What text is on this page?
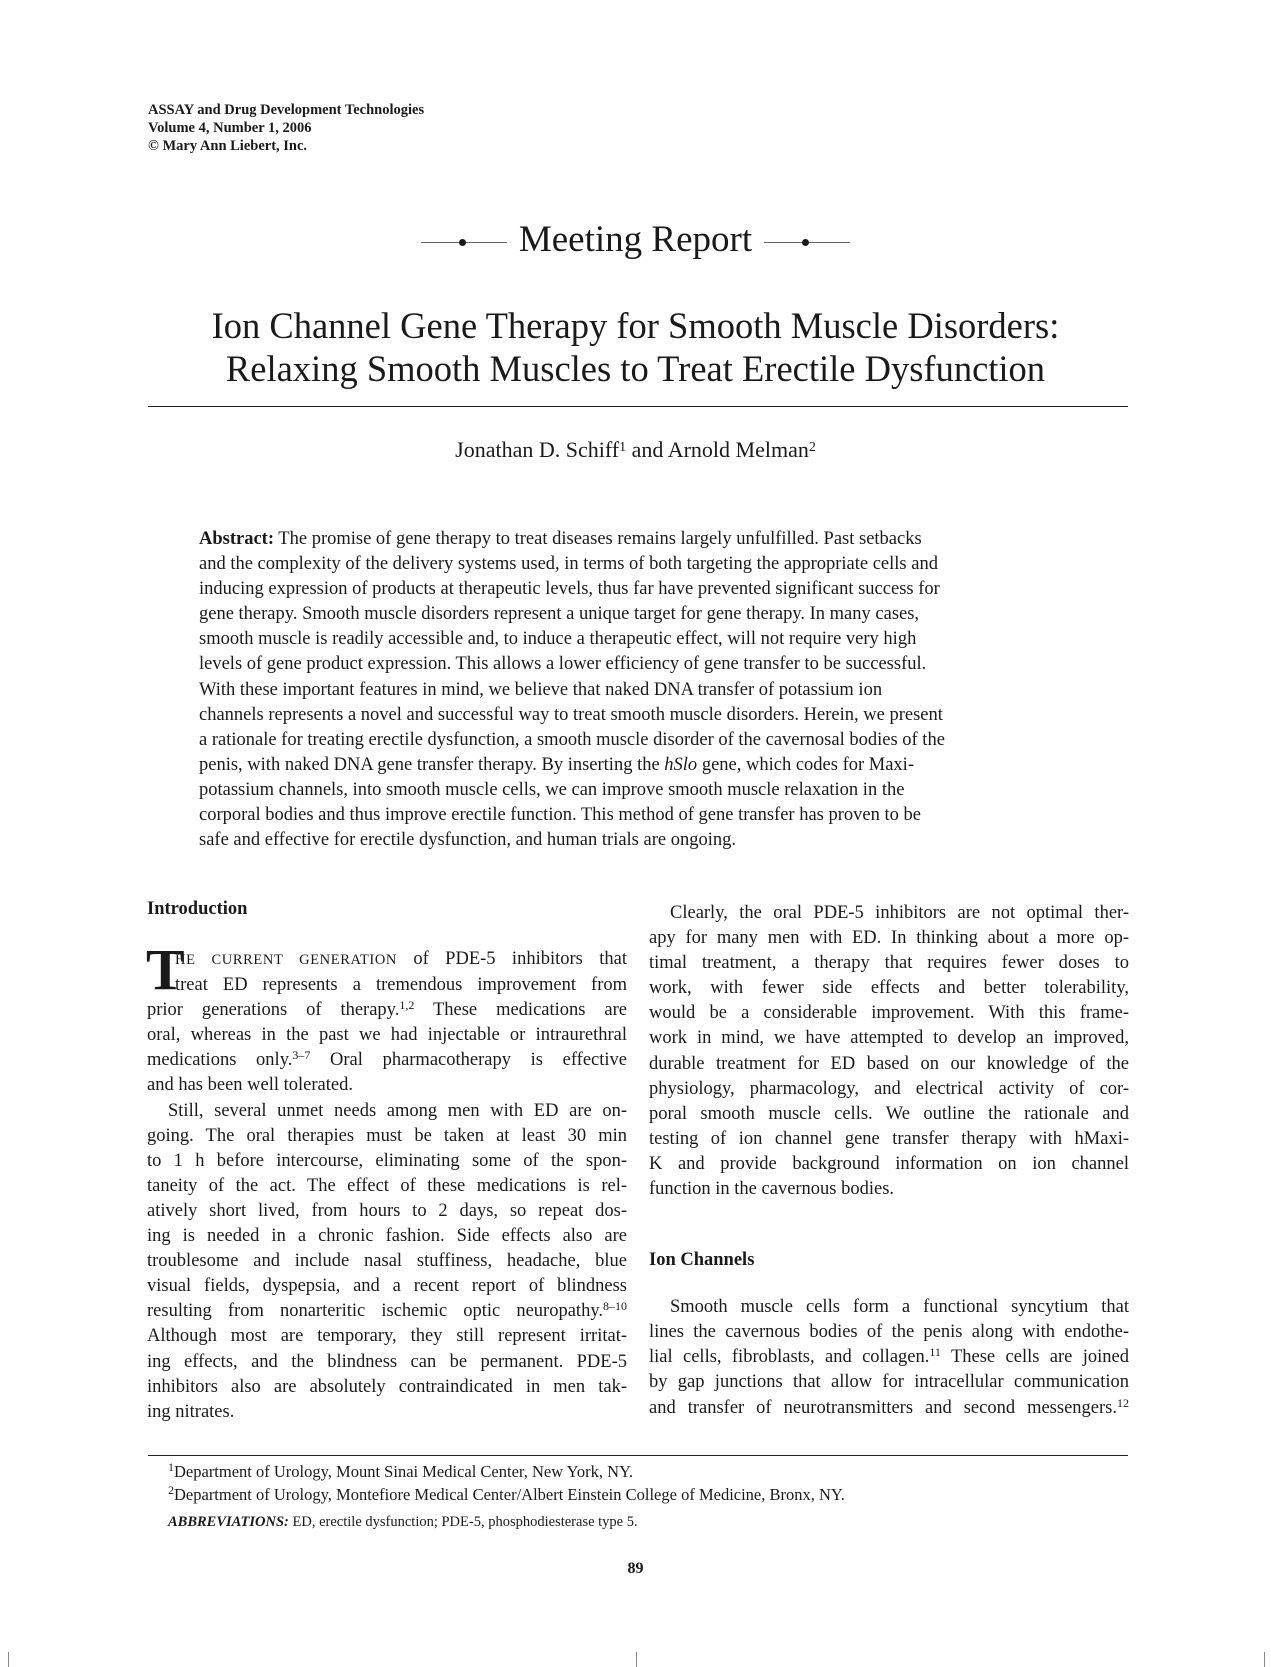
ASSAY and Drug Development Technologies
Volume 4, Number 1, 2006
© Mary Ann Liebert, Inc.
Meeting Report
Ion Channel Gene Therapy for Smooth Muscle Disorders:
Relaxing Smooth Muscles to Treat Erectile Dysfunction
Jonathan D. Schiff$^1$ and Arnold Melman$^2$
Abstract: The promise of gene therapy to treat diseases remains largely unfulfilled. Past setbacks
and the complexity of the delivery systems used, in terms of both targeting the appropriate cells and
inducing expression of products at therapeutic levels, thus far have prevented significant success for
gene therapy. Smooth muscle disorders represent a unique target for gene therapy. In many cases,
smooth muscle is readily accessible and, to induce a therapeutic effect, will not require very high
levels of gene product expression. This allows a lower efficiency of gene transfer to be successful.
With these important features in mind, we believe that naked DNA transfer of potassium ion
channels represents a novel and successful way to treat smooth muscle disorders. Herein, we present
a rationale for treating erectile dysfunction, a smooth muscle disorder of the cavernosal bodies of the
penis, with naked DNA gene transfer therapy. By inserting the hSlo gene, which codes for Maxi-
potassium channels, into smooth muscle cells, we can improve smooth muscle relaxation in the
corporal bodies and thus improve erectile function. This method of gene transfer has proven to be
safe and effective for erectile dysfunction, and human trials are ongoing.
Introduction
T
HE CURRENT GENERATION of PDE-5 inhibitors that
treat ED represents a tremendous improvement from
prior generations of therapy.$^{1,2}$ These medications are
oral, whereas in the past we had injectable or intraurethral
medications only.$^{3-7}$ Oral pharmacotherapy is effective
and has been well tolerated.
Still, several unmet needs among men with ED are on-
going. The oral therapies must be taken at least 30 min
to 1 h before intercourse, eliminating some of the spon-
taneity of the act. The effect of these medications is rel-
atively short lived, from hours to 2 days, so repeat dos-
ing is needed in a chronic fashion. Side effects also are
troublesome and include nasal stuffiness, headache, blue
visual fields, dyspepsia, and a recent report of blindness
resulting from nonarteritic ischemic optic neuropathy.$^{8-10}$
Although most are temporary, they still represent irritat-
ing effects, and the blindness can be permanent. PDE-5
inhibitors also are absolutely contraindicated in men tak-
ing nitrates.
Clearly, the oral PDE-5 inhibitors are not optimal ther-
apy for many men with ED. In thinking about a more op-
timal treatment, a therapy that requires fewer doses to
work, with fewer side effects and better tolerability,
would be a considerable improvement. With this frame-
work in mind, we have attempted to develop an improved,
durable treatment for ED based on our knowledge of the
physiology, pharmacology, and electrical activity of cor-
poral smooth muscle cells. We outline the rationale and
testing of ion channel gene transfer therapy with hMaxi-
K and provide background information on ion channel
function in the cavernous bodies.
Ion Channels
Smooth muscle cells form a functional syncytium that
lines the cavernous bodies of the penis along with endothe-
lial cells, fibroblasts, and collagen.$^{11}$ These cells are joined
by gap junctions that allow for intracellular communication
and transfer of neurotransmitters and second messengers.$^{12}$
$^1$Department of Urology, Mount Sinai Medical Center, New York, NY.
$^2$Department of Urology, Montefiore Medical Center/Albert Einstein College of Medicine, Bronx, NY.
ABBREVIATIONS: ED, erectile dysfunction; PDE-5, phosphodiesterase type 5.
89
